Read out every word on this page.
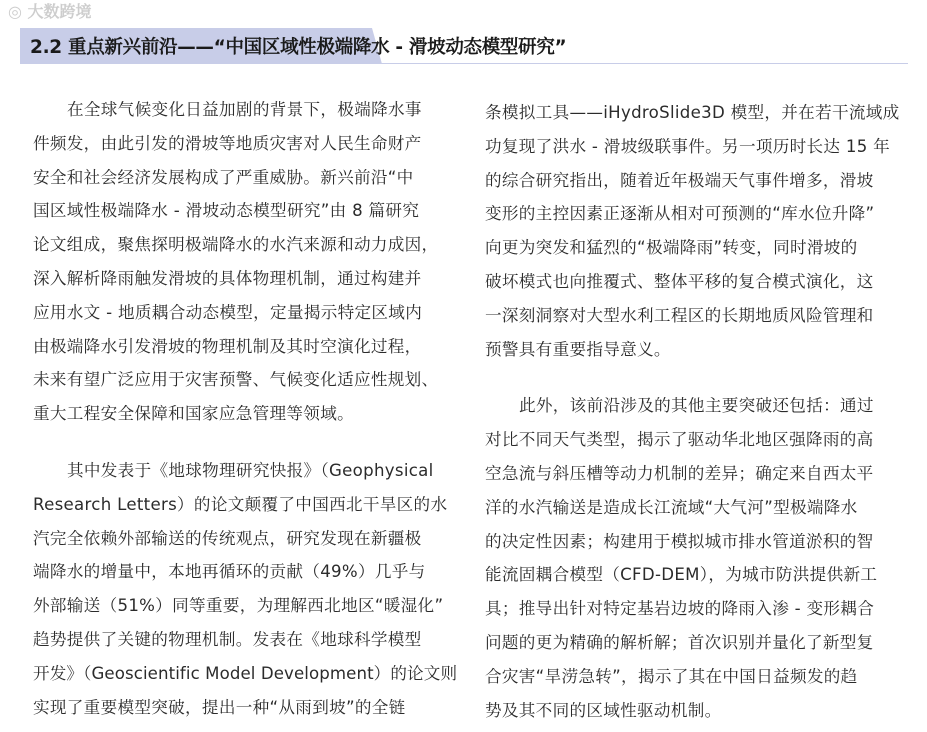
2.2 重点新兴前沿——“中国区域性极端降水 - 滑坡动态模型研究”
在全球气候变化日益加剧的背景下，极端降水事
件频发，由此引发的滑坡等地质灾害对人民生命财产
安全和社会经济发展构成了严重威胁。新兴前沿“中
国区域性极端降水 - 滑坡动态模型研究”由 8 篇研究
论文组成，聚焦探明极端降水的水汽来源和动力成因，
深入解析降雨触发滑坡的具体物理机制，通过构建并
应用水文 - 地质耦合动态模型，定量揭示特定区域内
由极端降水引发滑坡的物理机制及其时空演化过程，
未来有望广泛应用于灾害预警、气候变化适应性规划、
重大工程安全保障和国家应急管理等领域。
其中发表于《地球物理研究快报》（Geophysical
Research Letters）的论文颠覆了中国西北干旱区的水
汽完全依赖外部输送的传统观点，研究发现在新疆极
端降水的增量中，本地再循环的贡献（49%）几乎与
外部输送（51%）同等重要，为理解西北地区“暖湿化”
趋势提供了关键的物理机制。发表在《地球科学模型
开发》（Geoscientific Model Development）的论文则
实现了重要模型突破，提出一种“从雨到坡”的全链
条模拟工具——iHydroSlide3D 模型，并在若干流域成
功复现了洪水 - 滑坡级联事件。另一项历时长达 15 年
的综合研究指出，随着近年极端天气事件增多，滑坡
变形的主控因素正逐渐从相对可预测的“库水位升降”
向更为突发和猛烈的“极端降雨”转变，同时滑坡的
破坏模式也向推覆式、整体平移的复合模式演化，这
一深刻洞察对大型水利工程区的长期地质风险管理和
预警具有重要指导意义。
此外，该前沿涉及的其他主要突破还包括：通过
对比不同天气类型，揭示了驱动华北地区强降雨的高
空急流与斜压槽等动力机制的差异；确定来自西太平
洋的水汽输送是造成长江流域“大气河”型极端降水
的决定性因素；构建用于模拟城市排水管道淤积的智
能流固耦合模型（CFD-DEM），为城市防洪提供新工
具；推导出针对特定基岩边坡的降雨入渗 - 变形耦合
问题的更为精确的解析解；首次识别并量化了新型复
合灾害“旱涝急转”，揭示了其在中国日益频发的趋
势及其不同的区域性驱动机制。
◎ 大数跨境
